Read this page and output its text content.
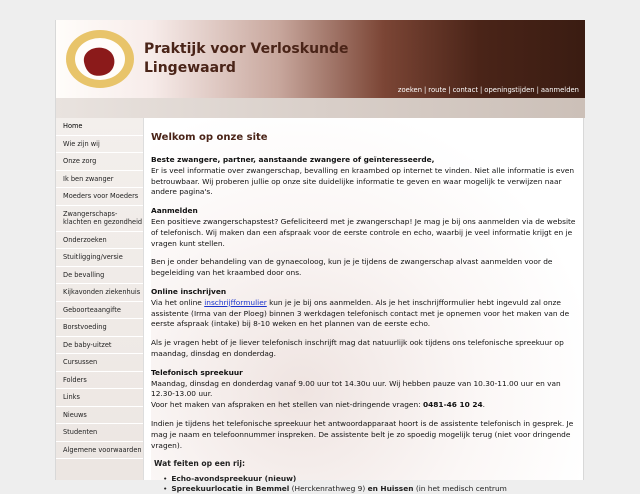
Praktijk voor Verloskunde
Lingewaard
zoeken | route | contact | openingstijden | aanmelden
Home
Wie zijn wij
Onze zorg
Ik ben zwanger
Moeders voor Moeders
Zwangerschaps-klachten en gezondheid
Onderzoeken
Stuitligging/versie
De bevalling
Kijkavonden ziekenhuis
Geboorteaangifte
Borstvoeding
De baby-uitzet
Cursussen
Folders
Links
Nieuws
Studenten
Algemene voorwaarden
Welkom op onze site
Beste zwangere, partner, aanstaande zwangere of geïnteresseerde,
Er is veel informatie over zwangerschap, bevalling en kraambed op internet te vinden. Niet alle informatie is even betrouwbaar. Wij proberen jullie op onze site duidelijke informatie te geven en waar mogelijk te verwijzen naar andere pagina's.
Aanmelden
Een positieve zwangerschapstest? Gefeliciteerd met je zwangerschap! Je mag je bij ons aanmelden via de website of telefonisch. Wij maken dan een afspraak voor de eerste controle en echo, waarbij je veel informatie krijgt en je vragen kunt stellen.
Ben je onder behandeling van de gynaecoloog, kun je je tijdens de zwangerschap alvast aanmelden voor de begeleiding van het kraambed door ons.
Online inschrijven
Via het online inschrijfformulier kun je je bij ons aanmelden. Als je het inschrijfformulier hebt ingevuld zal onze assistente (Irma van der Ploeg) binnen 3 werkdagen telefonisch contact met je opnemen voor het maken van de eerste afspraak (intake) bij 8-10 weken en het plannen van de eerste echo.
Als je vragen hebt of je liever telefonisch inschrijft mag dat natuurlijk ook tijdens ons telefonische spreekuur op maandag, dinsdag en donderdag.
Telefonisch spreekuur
Maandag, dinsdag en donderdag vanaf 9.00 uur tot 14.30u uur. Wij hebben pauze van 10.30-11.00 uur en van 12.30-13.00 uur.
Voor het maken van afspraken en het stellen van niet-dringende vragen: 0481-46 10 24.
Indien je tijdens het telefonische spreekuur het antwoordapparaat hoort is de assistente telefonisch in gesprek. Je mag je naam en telefoonnummer inspreken. De assistente belt je zo spoedig mogelijk terug (niet voor dringende vragen).
Wat feiten op een rij:
• Echo-avondspreekuur (nieuw)
• Spreekuurlocatie in Bemmel (Herckenrathweg 9) en Huissen (in het medisch centrum
